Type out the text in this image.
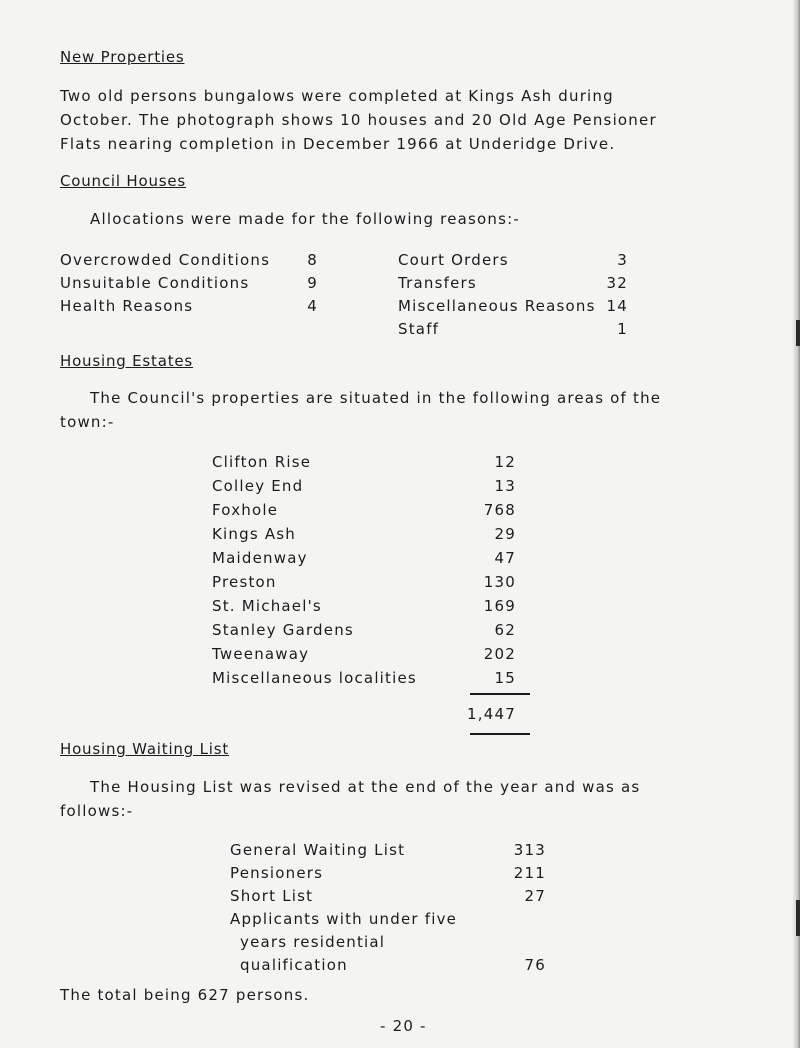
New Properties
Two old persons bungalows were completed at Kings Ash during
October. The photograph shows 10 houses and 20 Old Age Pensioner
Flats nearing completion in December 1966 at Underidge Drive.
Council Houses
Allocations were made for the following reasons:-
Overcrowded Conditions	8
Unsuitable Conditions	9
Health Reasons	4
Court Orders	3
Transfers	32
Miscellaneous Reasons 14
Staff	1
Housing Estates
The Council's properties are situated in the following areas of the
town:-
Clifton Rise	12
Colley End	13
Foxhole	768
Kings Ash	29
Maidenway	47
Preston	130
St. Michael's	169
Stanley Gardens	62
Tweenaway	202
Miscellaneous localities	15
1,447
Housing Waiting List
The Housing List was revised at the end of the year and was as
follows:-
General Waiting List	313
Pensioners	211
Short List	27
Applicants with under five
years residential
qualification	76
The total being 627 persons.
- 20 -
